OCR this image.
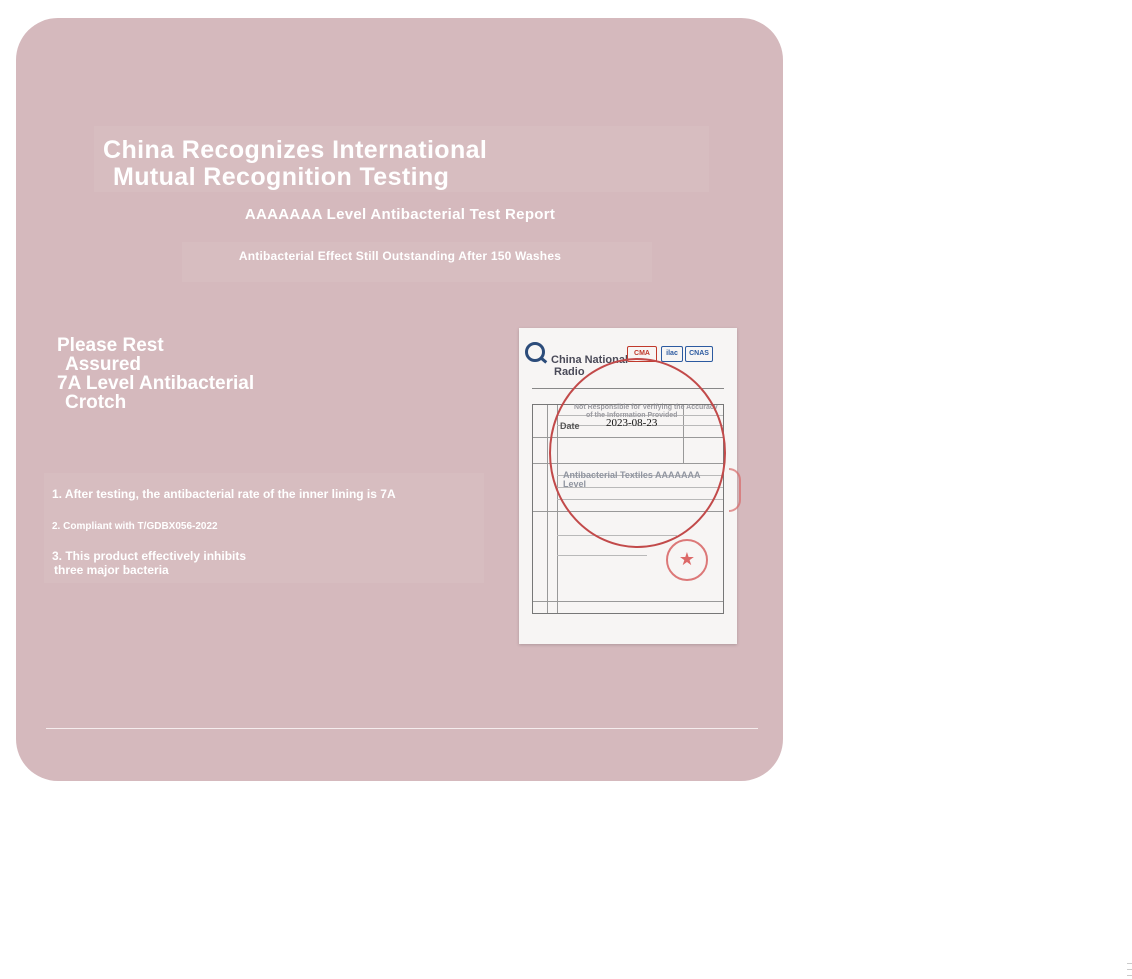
China Recognizes International
Mutual Recognition Testing
AAAAAAA Level Antibacterial Test Report
Antibacterial Effect Still Outstanding After 150 Washes
Please Rest
Assured
7A Level Antibacterial
Crotch
1. After testing, the antibacterial rate of the inner lining is 7A
2. Compliant with T/GDBX056-2022
3. This product effectively inhibits
three major bacteria
China National
Radio
CMA	ilac	CNAS
Not Responsible for Verifying the Accuracy
of the Information Provided
Date 2023-08-23
Antibacterial Textiles AAAAAAA
Level
— — —
★
